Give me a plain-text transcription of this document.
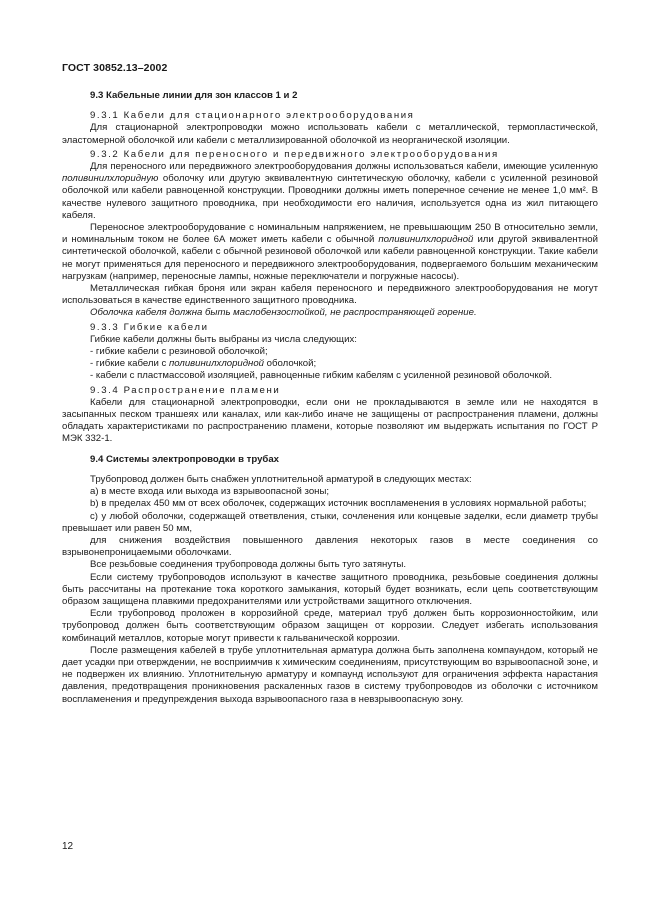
ГОСТ 30852.13–2002

9.3 Кабельные линии для зон классов 1 и 2

9.3.1 Кабели для стационарного электрооборудования

Для стационарной электропроводки можно использовать кабели с металлической, термопластической, эластомерной оболочкой или кабели с металлизированной оболочкой из неорганической изоляции.

9.3.2 Кабели для переносного и передвижного электрооборудования

Для переносного или передвижного электрооборудования должны использоваться кабели, имеющие усиленную поливинилхлоридную оболочку или другую эквивалентную синтетическую оболочку, кабели с усиленной резиновой оболочкой или кабели равноценной конструкции. Проводники должны иметь поперечное сечение не менее 1,0 мм². В качестве нулевого защитного проводника, при необходимости его наличия, используется одна из жил питающего кабеля.

Переносное электрооборудование с номинальным напряжением, не превышающим 250 В относительно земли, и номинальным током не более 6А может иметь кабели с обычной поливинилхлоридной или другой эквивалентной синтетической оболочкой, кабели с обычной резиновой оболочкой или кабели равноценной конструкции. Такие кабели не могут применяться для переносного и передвижного электрооборудования, подвергаемого большим механическим нагрузкам (например, переносные лампы, ножные переключатели и погружные насосы).

Металлическая гибкая броня или экран кабеля переносного и передвижного электрооборудования не могут использоваться в качестве единственного защитного проводника.

Оболочка кабеля должна быть маслобензостойкой, не распространяющей горение.

9.3.3 Гибкие кабели

Гибкие кабели должны быть выбраны из числа следующих:

- гибкие кабели с резиновой оболочкой;

- гибкие кабели с поливинилхлоридной оболочкой;

- кабели с пластмассовой изоляцией, равноценные гибким кабелям с усиленной резиновой оболочкой.

9.3.4 Распространение пламени

Кабели для стационарной электропроводки, если они не прокладываются в земле или не находятся в засыпанных песком траншеях или каналах, или как-либо иначе не защищены от распространения пламени, должны обладать характеристиками по распространению пламени, которые позволяют им выдержать испытания по ГОСТ Р МЭК 332-1.

9.4 Системы электропроводки в трубах

Трубопровод должен быть снабжен уплотнительной арматурой в следующих местах:

а) в месте входа или выхода из взрывоопасной зоны;

b) в пределах 450 мм от всех оболочек, содержащих источник воспламенения в условиях нормальной работы;

с) у любой оболочки, содержащей ответвления, стыки, сочленения или концевые заделки, если диаметр трубы превышает или равен 50 мм,

для снижения воздействия повышенного давления некоторых газов в месте соединения со взрывонепроницаемыми оболочками.

Все резьбовые соединения трубопровода должны быть туго затянуты.

Если систему трубопроводов используют в качестве защитного проводника, резьбовые соединения должны быть рассчитаны на протекание тока короткого замыкания, который будет возникать, если цепь соответствующим образом защищена плавкими предохранителями или устройствами защитного отключения.

Если трубопровод проложен в коррозийной среде, материал труб должен быть коррозионностойким, или трубопровод должен быть соответствующим образом защищен от коррозии. Следует избегать использования комбинаций металлов, которые могут привести к гальванической коррозии.

После размещения кабелей в трубе уплотнительная арматура должна быть заполнена компаундом, который не дает усадки при отверждении, не восприимчив к химическим соединениям, присутствующим во взрывоопасной зоне, и не подвержен их влиянию. Уплотнительную арматуру и компаунд используют для ограничения эффекта нарастания давления, предотвращения проникновения раскаленных газов в систему трубопроводов из оболочки с источником воспламенения и предупреждения выхода взрывоопасного газа в невзрывоопасную зону.

12
